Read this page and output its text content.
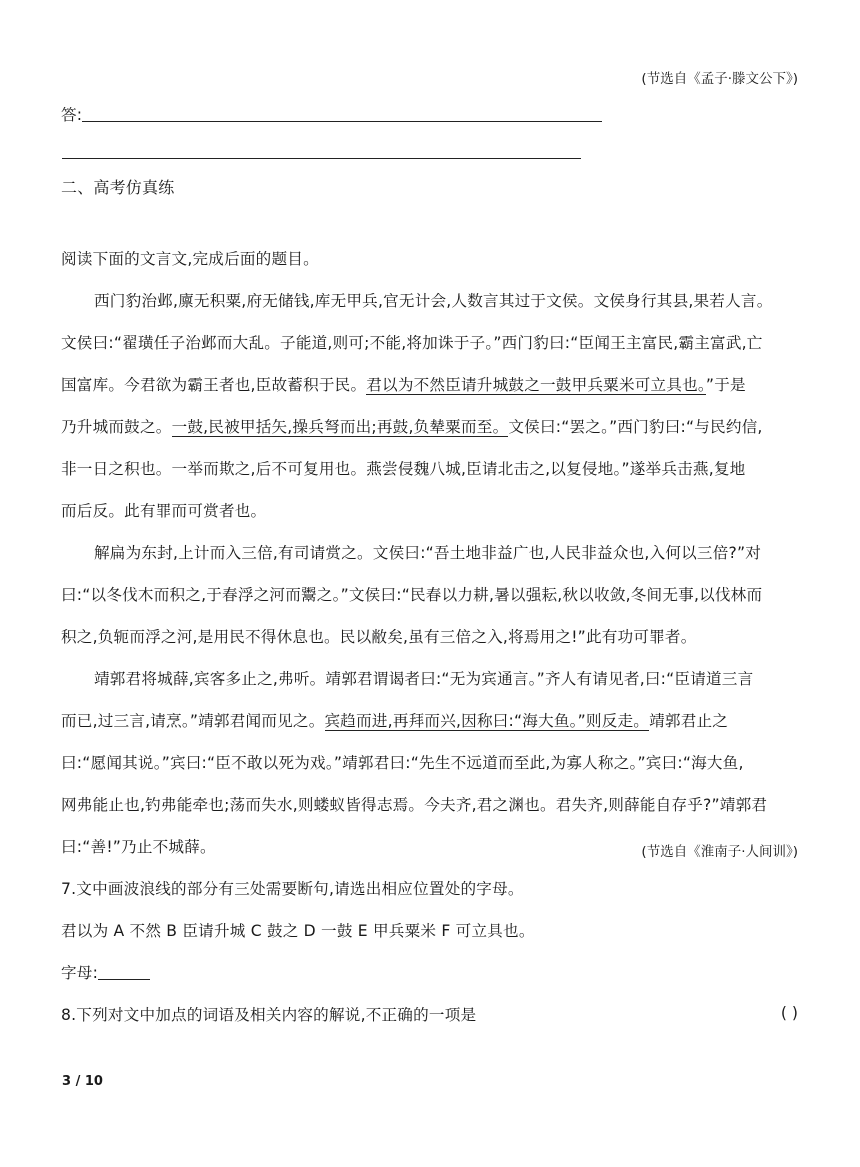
(节选自《孟子·滕文公下》)
答:
二、高考仿真练
阅读下面的文言文,完成后面的题目。
西门豹治邺,廪无积粟,府无储钱,库无甲兵,官无计会,人数言其过于文侯。文侯身行其县,果若人言。
文侯曰:“翟璜任子治邺而大乱。子能道,则可;不能,将加诛于子。”西门豹曰:“臣闻王主富民,霸主富武,亡
国富库。今君欲为霸王者也,臣故蓄积于民。君以为不然臣请升城鼓之一鼓甲兵粟米可立具也。”于是
乃升城而鼓之。一鼓,民被甲括矢,操兵弩而出;再鼓,负辇粟而至。文侯曰:“罢之。”西门豹曰:“与民约信,
非一日之积也。一举而欺之,后不可复用也。燕尝侵魏八城,臣请北击之,以复侵地。”遂举兵击燕,复地
而后反。此有罪而可赏者也。
解扁为东封,上计而入三倍,有司请赏之。文侯曰:“吾土地非益广也,人民非益众也,入何以三倍?”对
曰:“以冬伐木而积之,于春浮之河而鬻之。”文侯曰:“民春以力耕,暑以强耘,秋以收敛,冬间无事,以伐林而
积之,负轭而浮之河,是用民不得休息也。民以敝矣,虽有三倍之入,将焉用之!”此有功可罪者。
靖郭君将城薛,宾客多止之,弗听。靖郭君谓谒者曰:“无为宾通言。”齐人有请见者,曰:“臣请道三言
而已,过三言,请烹。”靖郭君闻而见之。宾趋而进,再拜而兴,因称曰:“海大鱼。”则反走。靖郭君止之
曰:“愿闻其说。”宾曰:“臣不敢以死为戏。”靖郭君曰:“先生不远道而至此,为寡人称之。”宾曰:“海大鱼,
网弗能止也,钓弗能牵也;荡而失水,则蝼蚁皆得志焉。今夫齐,君之渊也。君失齐,则薛能自存乎?”靖郭君
曰:“善!”乃止不城薛。	(节选自《淮南子·人间训》)
7.文中画波浪线的部分有三处需要断句,请选出相应位置处的字母。
君以为 A 不然 B 臣请升城 C 鼓之 D 一鼓 E 甲兵粟米 F 可立具也。
字母:
8.下列对文中加点的词语及相关内容的解说,不正确的一项是	( )
3 / 10
